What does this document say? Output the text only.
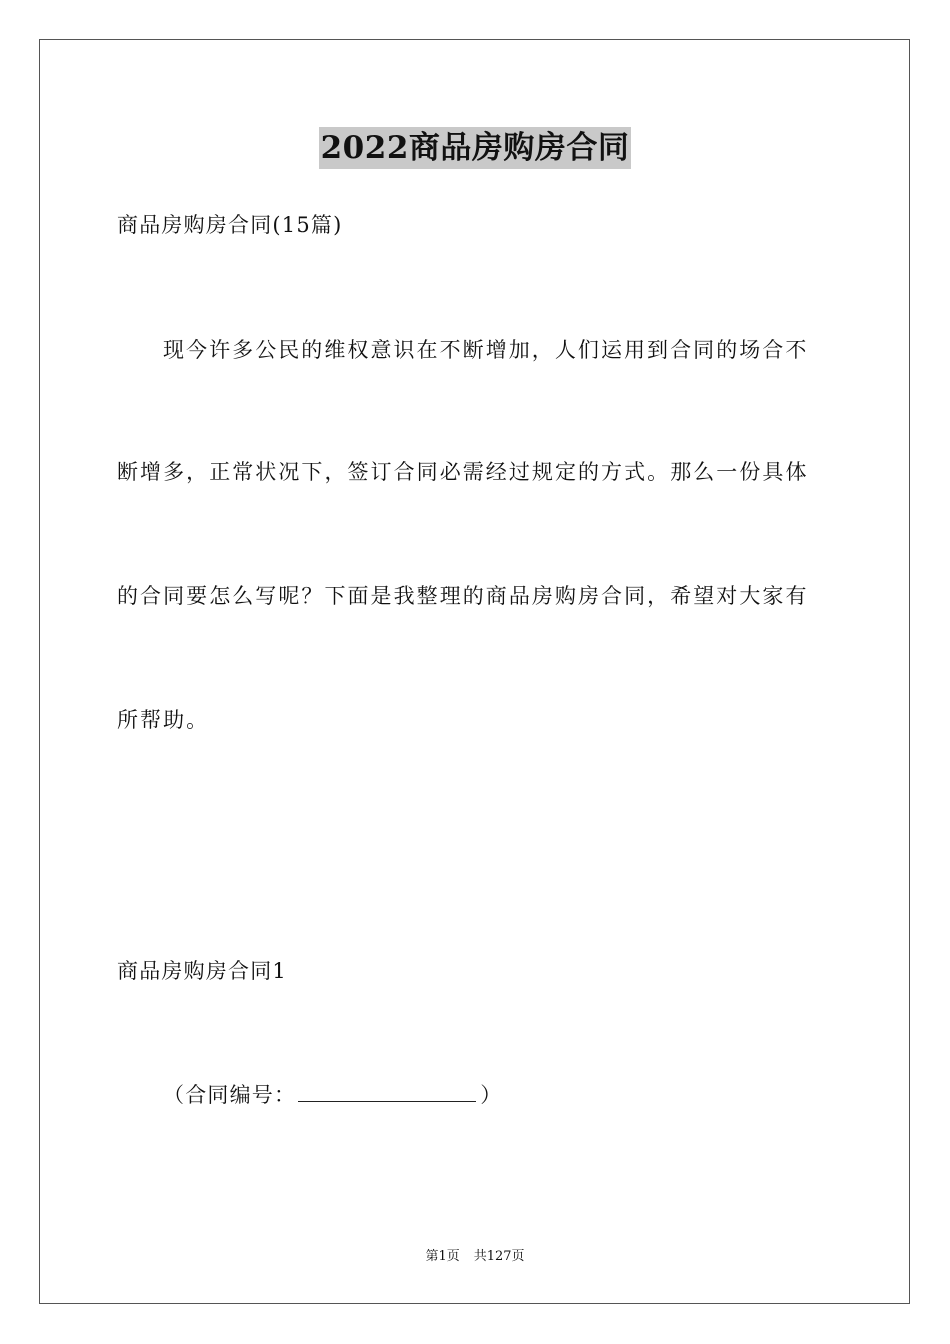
2022商品房购房合同
商品房购房合同(15篇)
现今许多公民的维权意识在不断增加，人们运用到合同的场合不
断增多，正常状况下，签订合同必需经过规定的方式。那么一份具体
的合同要怎么写呢？下面是我整理的商品房购房合同，希望对大家有
所帮助。
商品房购房合同1
（合同编号：	）
第1页 共127页
